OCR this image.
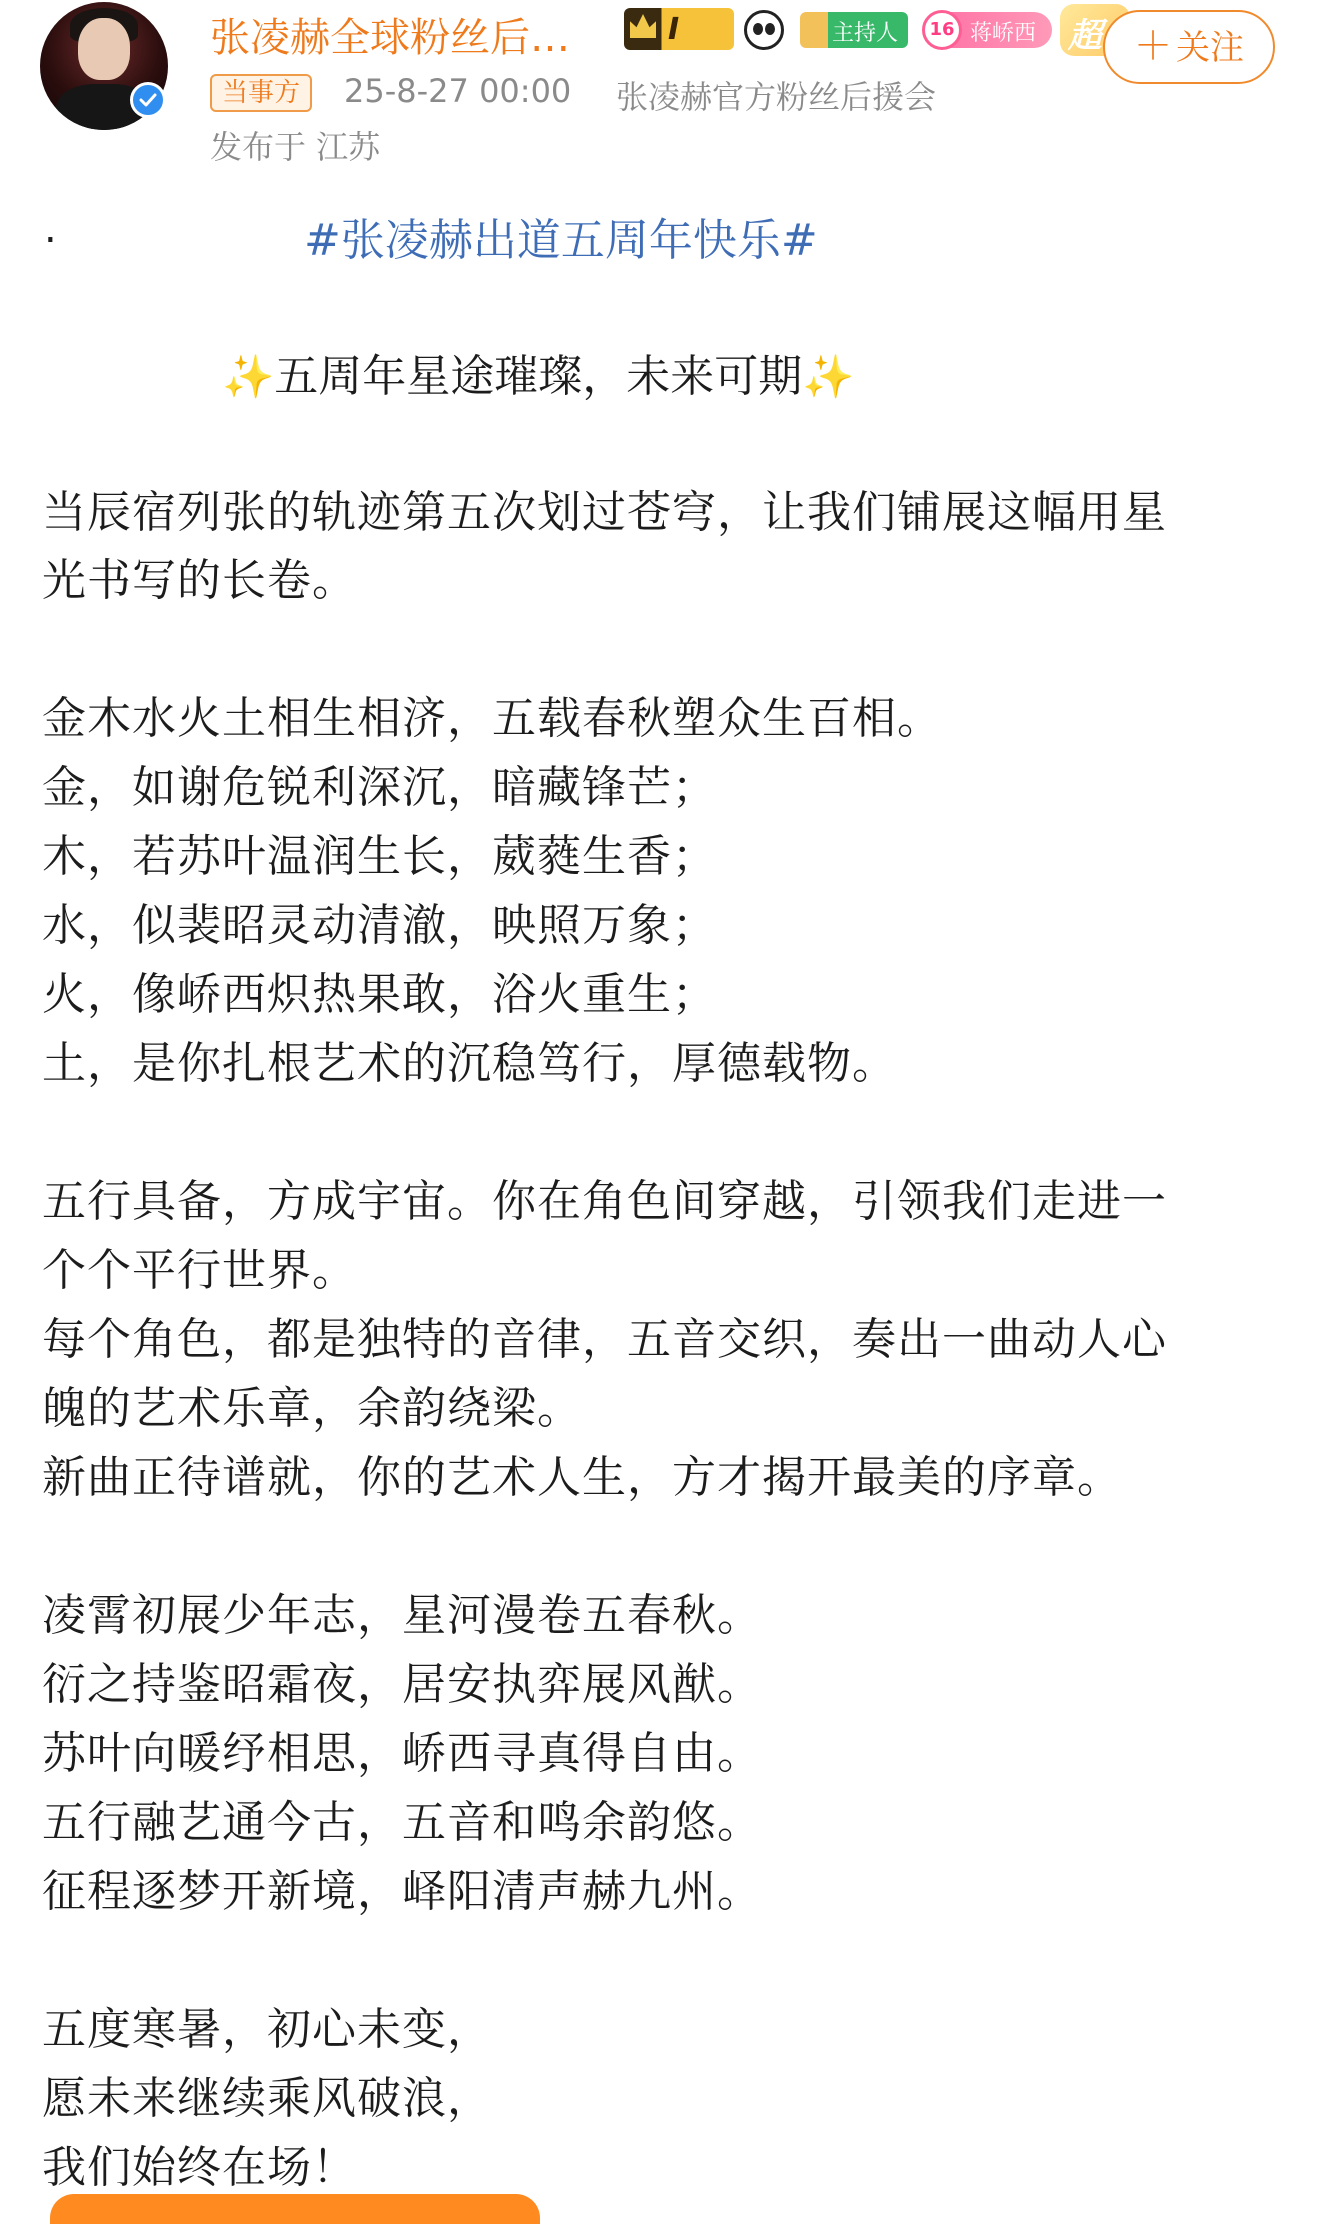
张凌赫全球粉丝后…	I	主持人	16 蒋峤西 超 ＋ 关注
当事方	25-8-27 00:00 张凌赫官方粉丝后援会
发布于 江苏
.	#张凌赫出道五周年快乐#
✨五周年星途璀璨，未来可期✨
当辰宿列张的轨迹第五次划过苍穹，让我们铺展这幅用星
光书写的长卷。
金木水火土相生相济，五载春秋塑众生百相。
金，如谢危锐利深沉，暗藏锋芒；
木，若苏叶温润生长，葳蕤生香；
水，似裴昭灵动清澈，映照万象；
火，像峤西炽热果敢，浴火重生；
土，是你扎根艺术的沉稳笃行，厚德载物。
五行具备，方成宇宙。你在角色间穿越，引领我们走进一
个个平行世界。
每个角色，都是独特的音律，五音交织，奏出一曲动人心
魄的艺术乐章，余韵绕梁。
新曲正待谱就，你的艺术人生，方才揭开最美的序章。
凌霄初展少年志，星河漫卷五春秋。
衍之持鉴昭霜夜，居安执弈展风猷。
苏叶向暖纾相思，峤西寻真得自由。
五行融艺通今古，五音和鸣余韵悠。
征程逐梦开新境，峄阳清声赫九州。
五度寒暑，初心未变，
愿未来继续乘风破浪，
我们始终在场！
